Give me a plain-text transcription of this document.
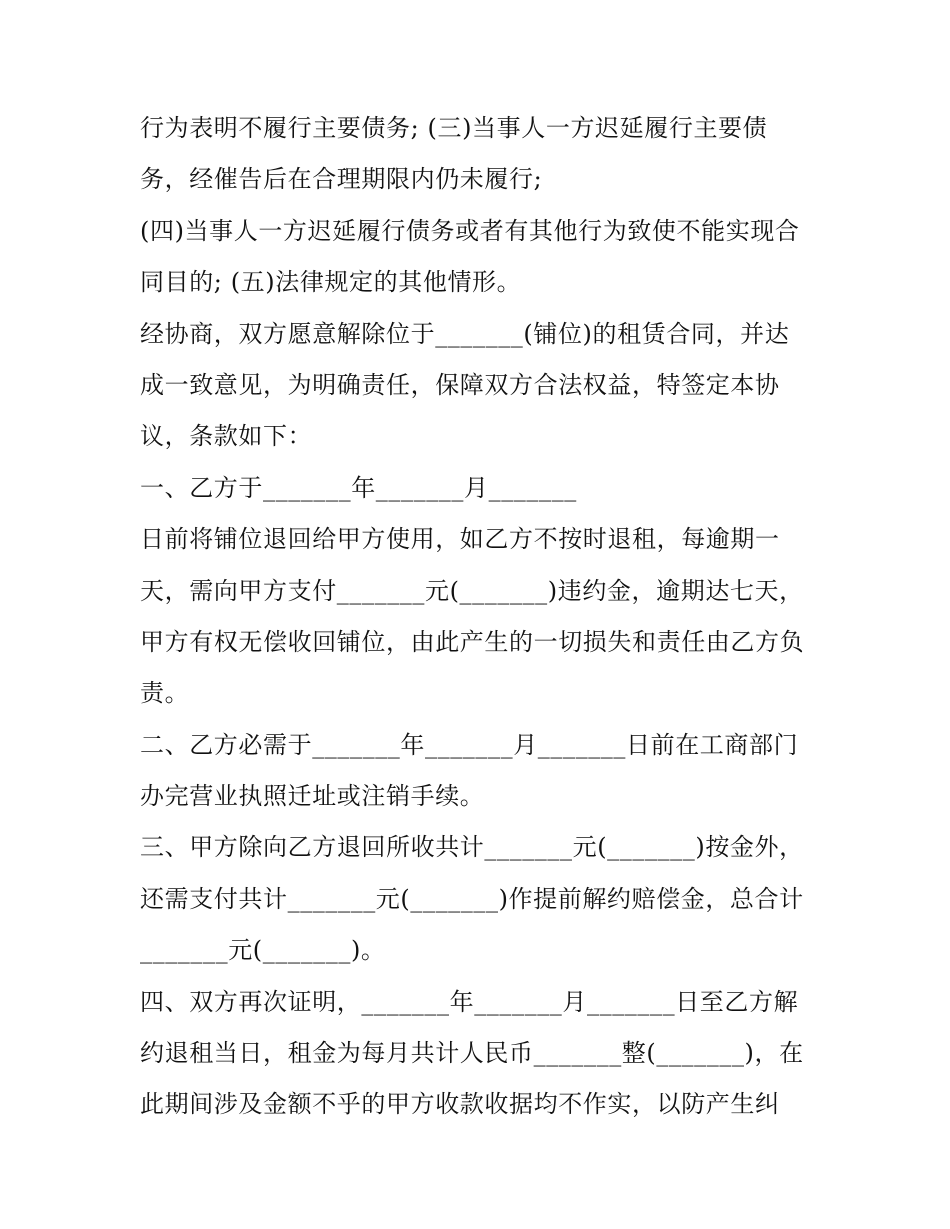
行为表明不履行主要债务; (三)当事人一方迟延履行主要债
务，经催告后在合理期限内仍未履行;
(四)当事人一方迟延履行债务或者有其他行为致使不能实现合
同目的; (五)法律规定的其他情形。
经协商，双方愿意解除位于_______(铺位)的租赁合同，并达
成一致意见，为明确责任，保障双方合法权益，特签定本协
议，条款如下：
一、乙方于_______年_______月_______
日前将铺位退回给甲方使用，如乙方不按时退租，每逾期一
天，需向甲方支付_______元(_______)违约金，逾期达七天，
甲方有权无偿收回铺位，由此产生的一切损失和责任由乙方负
责。
二、乙方必需于_______年_______月_______日前在工商部门
办完营业执照迁址或注销手续。
三、甲方除向乙方退回所收共计_______元(_______)按金外，
还需支付共计_______元(_______)作提前解约赔偿金，总合计
_______元(_______)。
四、双方再次证明，_______年_______月_______日至乙方解
约退租当日，租金为每月共计人民币_______整(_______)，在
此期间涉及金额不乎的甲方收款收据均不作实，以防产生纠
